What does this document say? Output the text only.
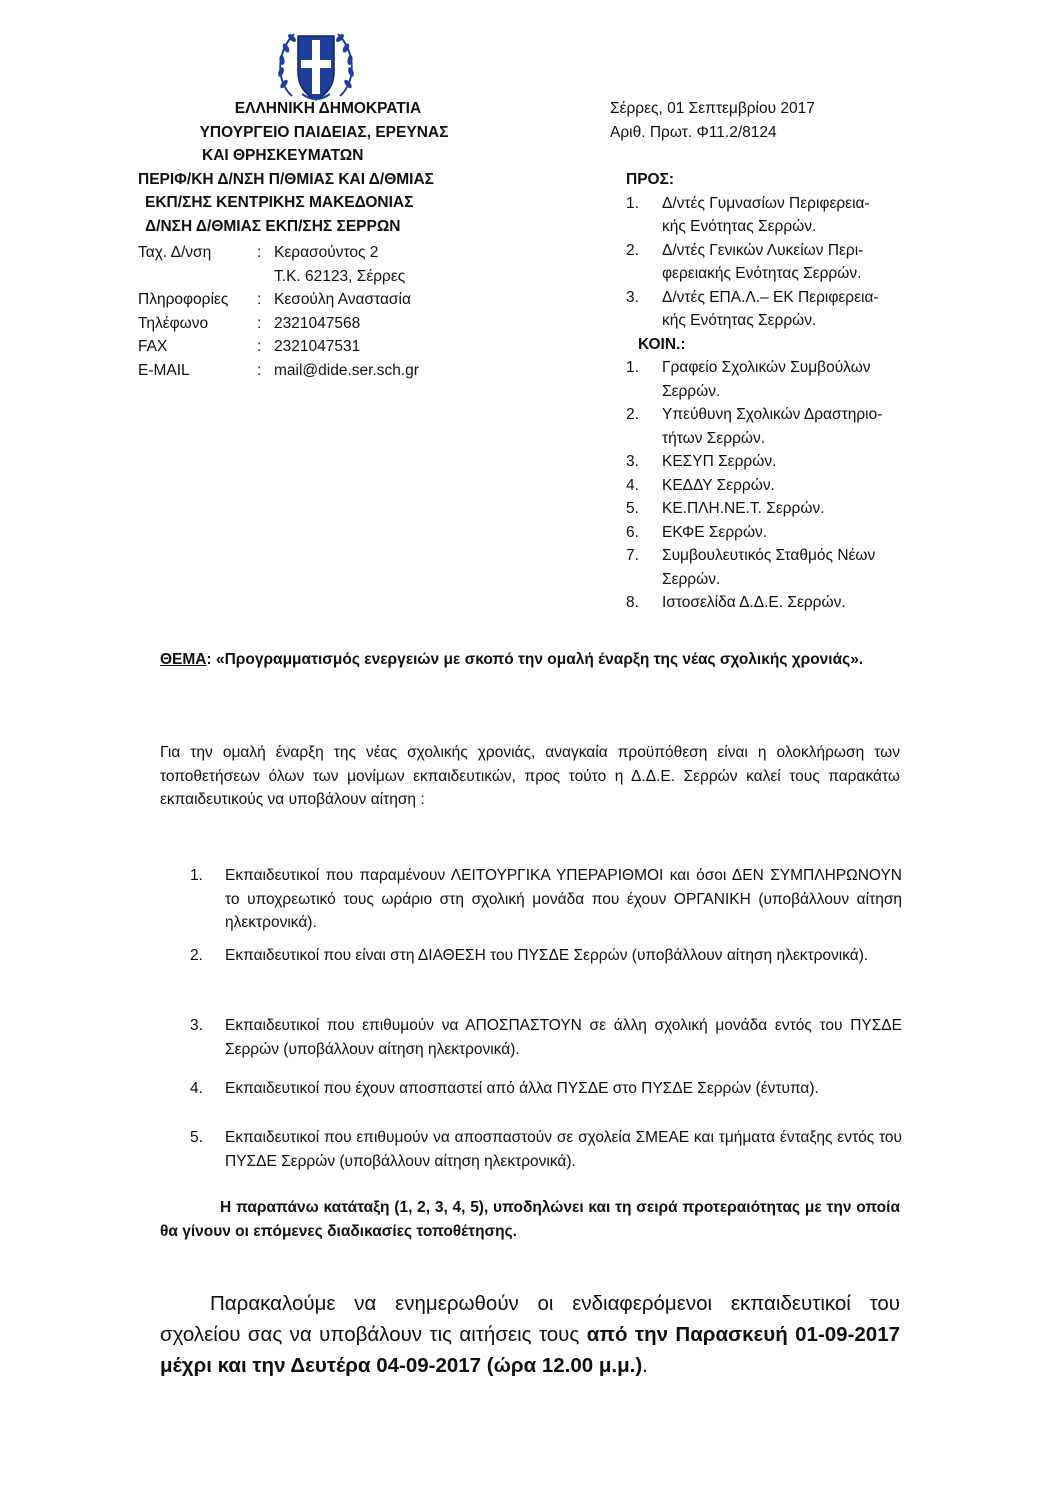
ΕΛΛΗΝΙΚΗ ΔΗΜΟΚΡΑΤΙΑ
ΥΠΟΥΡΓΕΙΟ ΠΑΙΔΕΙΑΣ, ΕΡΕΥΝΑΣ
ΚΑΙ ΘΡΗΣΚΕΥΜΑΤΩΝ
ΠΕΡΙΦ/ΚΗ Δ/ΝΣΗ Π/ΘΜΙΑΣ ΚΑΙ Δ/ΘΜΙΑΣ
ΕΚΠ/ΣΗΣ ΚΕΝΤΡΙΚΗΣ ΜΑΚΕΔΟΝΙΑΣ
Δ/ΝΣΗ Δ/ΘΜΙΑΣ ΕΚΠ/ΣΗΣ ΣΕΡΡΩΝ
Ταχ. Δ/νση	: Κερασούντος 2
Τ.Κ. 62123, Σέρρες
Πληροφορίες : Κεσούλη Αναστασία
Τηλέφωνο	: 2321047568
FAX	: 2321047531
E-MAIL	: mail@dide.ser.sch.gr
Σέρρες, 01 Σεπτεμβρίου 2017
Αριθ. Πρωτ. Φ11.2/8124
ΠΡΟΣ:
1. Δ/ντές Γυμνασίων Περιφερεια-
κής Ενότητας Σερρών.
2. Δ/ντές Γενικών Λυκείων Περι-
φερειακής Ενότητας Σερρών.
3. Δ/ντές ΕΠΑ.Λ.– ΕΚ Περιφερεια-
κής Ενότητας Σερρών.
ΚΟΙΝ.:
1. Γραφείο Σχολικών Συμβούλων
Σερρών.
2. Υπεύθυνη Σχολικών Δραστηριο-
τήτων Σερρών.
3. ΚΕΣΥΠ Σερρών.
4. ΚΕΔΔΥ Σερρών.
5. ΚΕ.ΠΛΗ.ΝΕ.Τ. Σερρών.
6. ΕΚΦΕ Σερρών.
7. Συμβουλευτικός Σταθμός Νέων
Σερρών.
8. Ιστοσελίδα Δ.Δ.Ε. Σερρών.
ΘΕΜΑ: «Προγραμματισμός ενεργειών με σκοπό την ομαλή έναρξη της νέας σχολικής χρονιάς».
Για την ομαλή έναρξη της νέας σχολικής χρονιάς, αναγκαία προϋπόθεση είναι η ολοκλήρωση των τοποθετήσεων όλων των μονίμων εκπαιδευτικών, προς τούτο η Δ.Δ.Ε. Σερρών καλεί τους παρακάτω εκπαιδευτικούς να υποβάλουν αίτηση :
1. Εκπαιδευτικοί που παραμένουν ΛΕΙΤΟΥΡΓΙΚΑ ΥΠΕΡΑΡΙΘΜΟΙ και όσοι ΔΕΝ ΣΥΜΠΛΗΡΩΝΟΥΝ το υποχρεωτικό τους ωράριο στη σχολική μονάδα που έχουν ΟΡΓΑΝΙΚΗ (υποβάλλουν αίτηση ηλεκτρονικά).
2. Εκπαιδευτικοί που είναι στη ΔΙΑΘΕΣΗ του ΠΥΣΔΕ Σερρών (υποβάλλουν αίτηση ηλεκτρονικά).
3. Εκπαιδευτικοί που επιθυμούν να ΑΠΟΣΠΑΣΤΟΥΝ σε άλλη σχολική μονάδα εντός του ΠΥΣΔΕ Σερρών (υποβάλλουν αίτηση ηλεκτρονικά).
4. Εκπαιδευτικοί που έχουν αποσπαστεί από άλλα ΠΥΣΔΕ στο ΠΥΣΔΕ Σερρών (έντυπα).
5. Εκπαιδευτικοί που επιθυμούν να αποσπαστούν σε σχολεία ΣΜΕΑΕ και τμήματα ένταξης εντός του ΠΥΣΔΕ Σερρών (υποβάλλουν αίτηση ηλεκτρονικά).
Η παραπάνω κατάταξη (1, 2, 3, 4, 5), υποδηλώνει και τη σειρά προτεραιότητας με την οποία θα γίνουν οι επόμενες διαδικασίες τοποθέτησης.
Παρακαλούμε να ενημερωθούν οι ενδιαφερόμενοι εκπαιδευτικοί του σχολείου σας να υποβάλουν τις αιτήσεις τους από την Παρασκευή 01-09-2017 μέχρι και την Δευτέρα 04-09-2017 (ώρα 12.00 μ.μ.).
